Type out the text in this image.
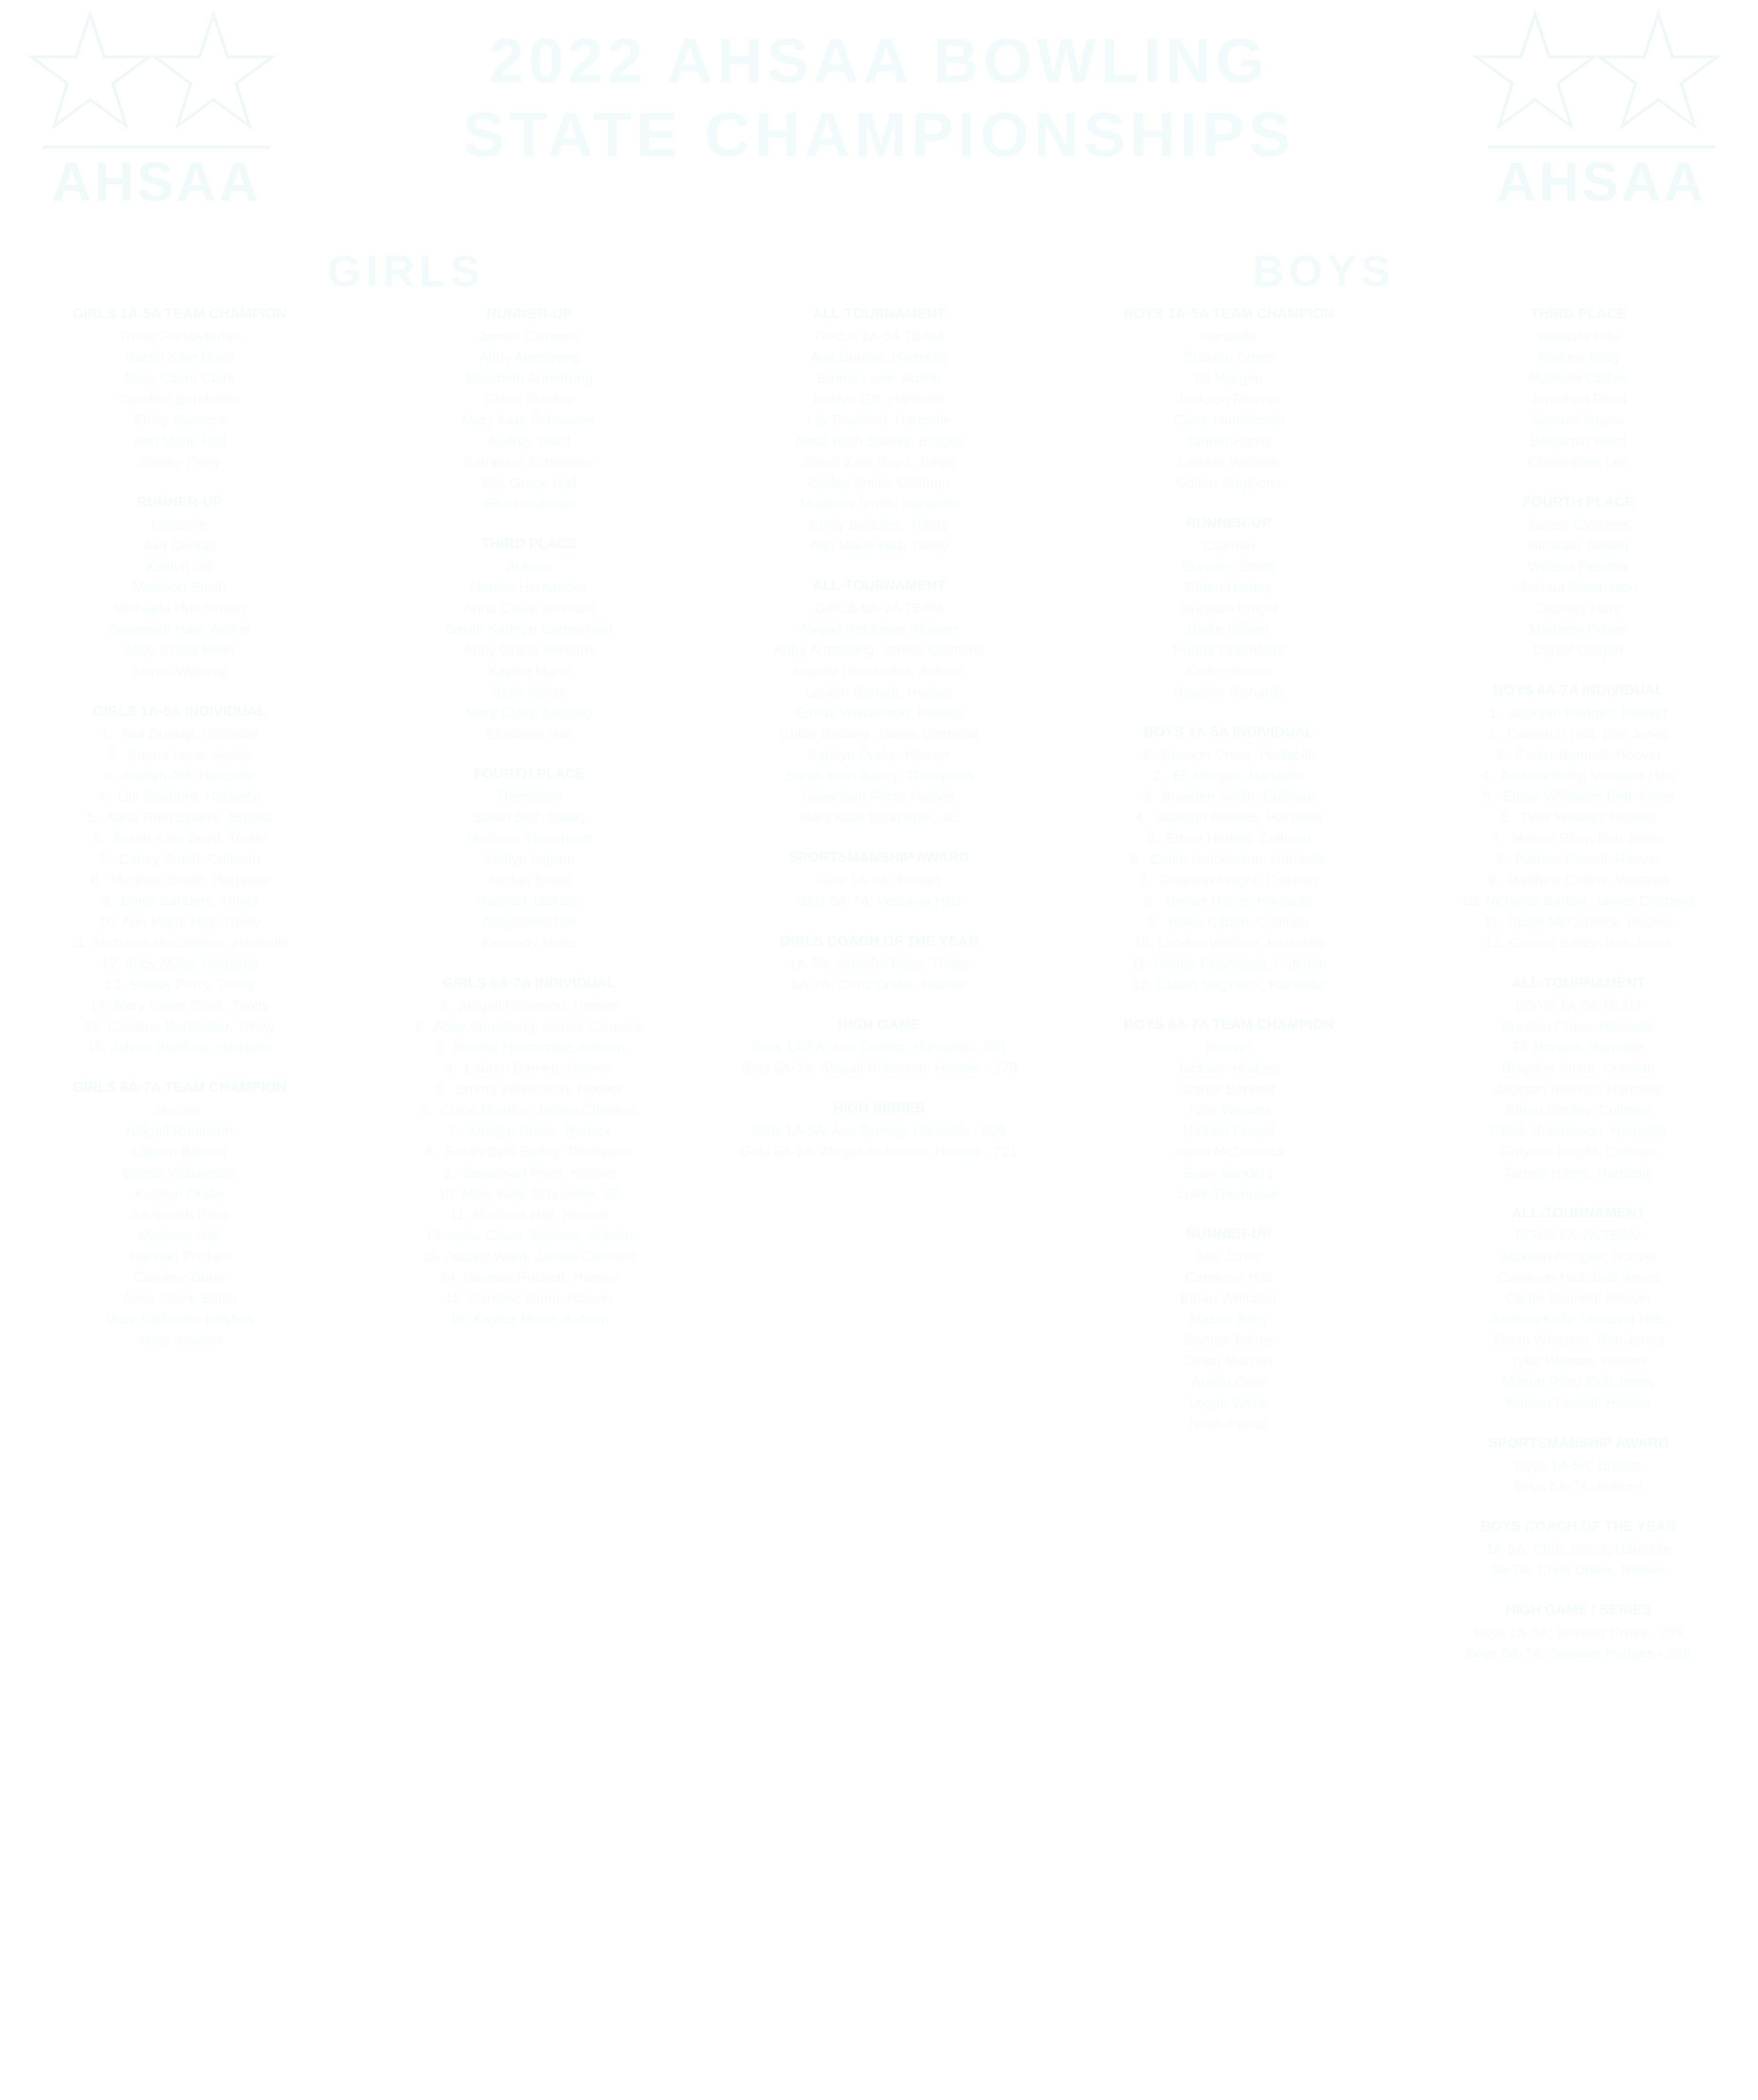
AHSAA
2022 AHSAA BOWLING
STATE CHAMPIONSHIPS
AHSAA
GIRLS	BOYS
GIRLS 1A-5A TEAM CHAMPION
Trinity Presbyterian
Sarah Kate Boyd
Mary Claire Clark
Caroline Burkhalter
Emily Sanders
Ann Marie Hall
Shelby Perry
RUNNER-UP
Hartselle
Ava Dunlap
Kaitlyn Gill
Madison Smith
Michaela Hutchinson
Savannah Hale Walker
Abby Grace Miller
Jalynn Waldrep
GIRLS 1A-5A INDIVIDUAL
1.  Ava Dunlap, Hartselle
2.  Emma Lane, Austin
3.  Kaitlyn Gill, Hartselle
4.  Lily Bradford, Hartselle
5.  Anna Ruth Sparks, Brooks
6.  Sarah Kate Boyd, Trinity
7.  Carley Smith, Cullman
8.  Madison Smith, Hartselle
9.  Emily Sanders, Trinity
10. Ann Marie Hall, Trinity
11. Michaela Hutchinson, Hartselle
12. Abby Miller, Hartselle
13. Shelby Perry, Trinity
14. Mary Claire Clark, Trinity
15. Caroline Burkhalter, Trinity
16. Jalynn Waldrep, Hartselle
GIRLS 6A-7A TEAM CHAMPION
Hoover
Abigail Robinson
Lauren Barnett
Emma Williamson
Katelyn Drake
Savannah Price
Madison Hall
Hannah Prickett
Caroline Dunn
Anna Claire Smith
Mary Katherine Hughes
Abby Newton
RUNNER-UP
James Clemens
Abby Armstrong
Elizabeth Armstrong
Chloe Bradley
Mary Kate Schroeder
Audrey Ward
Katherine Schroeder
Ella Grace Hall
Ellie Hardiman
THIRD PLACE
Auburn
Natalie Hernandez
Anna Claire Johnson
Sarah Kathryn Carmichael
Abby Grace Williams
Kaylee Mann
Bella Marks
Mary Claire Beasley
Elizabeth Hall
FOURTH PLACE
Thompson
Sarah Beth Bailey
Madison Thompson
Kaitlyn Ingram
Jordan Stone
Hannah Jackson
Abigail Mitchell
Kennedy Hicks
GIRLS 6A-7A INDIVIDUAL
1.  Abigail Robinson, Hoover
2.  Abby Armstrong, James Clemens
3.  Natalie Hernandez, Auburn
4.  Lauren Barnett, Hoover
5.  Emma Williamson, Hoover
6.  Chloe Bradley, James Clemens
7.  Katelyn Drake, Hoover
8.  Sarah Beth Bailey, Thompson
9.  Savannah Price, Hoover
10. Mary Kate Schroeder, JC
11. Madison Hall, Hoover
12. Anna Claire Johnson, Auburn
13. Audrey Ward, James Clemens
14. Hannah Prickett, Hoover
15. Caroline Dunn, Hoover
16. Kaylee Mann, Auburn
ALL-TOURNAMENT
GIRLS 1A-5A TEAM
Ava Dunlap, Hartselle
Emma Lane, Austin
Kaitlyn Gill, Hartselle
Lily Bradford, Hartselle
Anna Ruth Sparks, Brooks
Sarah Kate Boyd, Trinity
Carley Smith, Cullman
Madison Smith, Hartselle
Emily Sanders, Trinity
Ann Marie Hall, Trinity
ALL-TOURNAMENT
GIRLS 6A-7A TEAM
Abigail Robinson, Hoover
Abby Armstrong, James Clemens
Natalie Hernandez, Auburn
Lauren Barnett, Hoover
Emma Williamson, Hoover
Chloe Bradley, James Clemens
Katelyn Drake, Hoover
Sarah Beth Bailey, Thompson
Savannah Price, Hoover
Mary Kate Schroeder, JC
SPORTSMANSHIP AWARD
Girls 1A-5A: Brooks
Girls 6A-7A: Vestavia Hills
GIRLS COACH OF THE YEAR
1A-5A: Jennifer Boyd, Trinity
6A-7A: Chris Drake, Hoover
HIGH GAME
Girls 1A-5A: Ava Dunlap, Hartselle - 268
Girls 6A-7A: Abigail Robinson, Hoover - 279
HIGH SERIES
Girls 1A-5A: Ava Dunlap, Hartselle - 696
Girls 6A-7A: Abigail Robinson, Hoover - 721
BOYS 1A-5A TEAM CHAMPION
Hartselle
Braxton Cross
Eli Morgan
Jackson Reeves
Caleb Hutchinson
Tanner Harris
Landon Wallace
Colton Stephens
RUNNER-UP
Cullman
Brayden Smith
Ethan Hartley
Grayson Knight
Blake Gilbert
Hunter Chambers
Kaden Brown
Dawson Richards
BOYS 1A-5A INDIVIDUAL
1.  Braxton Cross, Hartselle
2.  Eli Morgan, Hartselle
3.  Brayden Smith, Cullman
4.  Jackson Reeves, Hartselle
5.  Ethan Hartley, Cullman
6.  Caleb Hutchinson, Hartselle
7.  Grayson Knight, Cullman
8.  Tanner Harris, Hartselle
9.  Blake Gilbert, Cullman
10. Landon Wallace, Hartselle
11. Hunter Chambers, Cullman
12. Colton Stephens, Hartselle
BOYS 6A-7A TEAM CHAMPION
Hoover
Jackson Hodges
Carter Bennett
Tyler Weaver
Nathan Powell
Jacob McCormick
Evan Sanders
Luke Thompson
RUNNER-UP
Bob Jones
Cameron Hall
Ethan Whitaker
Mason Riley
Connor Bailey
Dylan Mitchell
Austin Gray
Logan Webb
Noah Pierce
THIRD PLACE
Vestavia Hills
Andrew Kelly
Matthew Collins
Jonathan Reed
Samuel Hayes
Benjamin Ward
Christopher Lee
FOURTH PLACE
James Clemens
Nicholas Barton
William Fletcher
Joshua Sanderson
Zachary Hunt
Matthew Prince
Daniel Cooper
BOYS 6A-7A INDIVIDUAL
1.  Jackson Hodges, Hoover
2.  Cameron Hall, Bob Jones
3.  Carter Bennett, Hoover
4.  Andrew Kelly, Vestavia Hills
5.  Ethan Whitaker, Bob Jones
6.  Tyler Weaver, Hoover
7.  Mason Riley, Bob Jones
8.  Nathan Powell, Hoover
9.  Matthew Collins, Vestavia
10. Nicholas Barton, James Clemens
11. Jacob McCormick, Hoover
12. Connor Bailey, Bob Jones
ALL-TOURNAMENT
BOYS 1A-5A TEAM
Braxton Cross, Hartselle
Eli Morgan, Hartselle
Brayden Smith, Cullman
Jackson Reeves, Hartselle
Ethan Hartley, Cullman
Caleb Hutchinson, Hartselle
Grayson Knight, Cullman
Tanner Harris, Hartselle
ALL-TOURNAMENT
BOYS 6A-7A TEAM
Jackson Hodges, Hoover
Cameron Hall, Bob Jones
Carter Bennett, Hoover
Andrew Kelly, Vestavia Hills
Ethan Whitaker, Bob Jones
Tyler Weaver, Hoover
Mason Riley, Bob Jones
Nathan Powell, Hoover
SPORTSMANSHIP AWARD
Boys 1A-5A: Brooks
Boys 6A-7A: Auburn
BOYS COACH OF THE YEAR
1A-5A: Chris Cross, Hartselle
6A-7A: Chris Drake, Hoover
HIGH GAME / SERIES
Boys 1A-5A: Braxton Cross - 289
Boys 6A-7A: Jackson Hodges - 298
